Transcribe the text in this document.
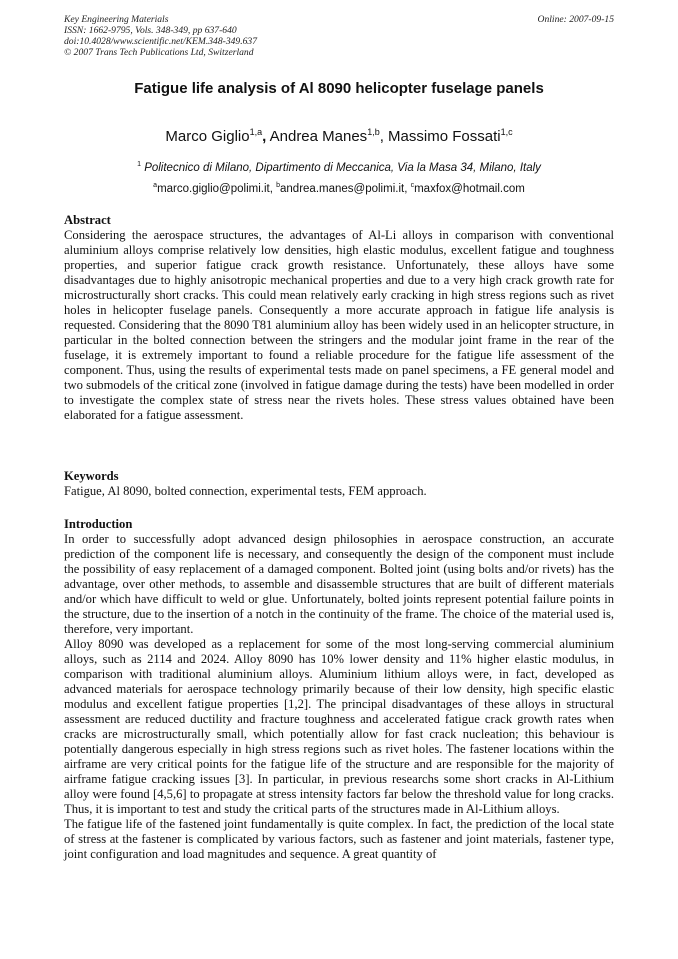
Key Engineering Materials
ISSN: 1662-9795, Vols. 348-349, pp 637-640
doi:10.4028/www.scientific.net/KEM.348-349.637
© 2007 Trans Tech Publications Ltd, Switzerland
Online: 2007-09-15
Fatigue life analysis of Al 8090 helicopter fuselage panels
Marco Giglio$^{1,a}$, Andrea Manes$^{1,b}$, Massimo Fossati$^{1,c}$
$^1$ Politecnico di Milano, Dipartimento di Meccanica, Via la Masa 34, Milano, Italy
$^a$marco.giglio@polimi.it, $^b$andrea.manes@polimi.it, $^c$maxfox@hotmail.com
Abstract

Considering the aerospace structures, the advantages of Al-Li alloys in comparison with conventional aluminium alloys comprise relatively low densities, high elastic modulus, excellent fatigue and toughness properties, and superior fatigue crack growth resistance. Unfortunately, these alloys have some disadvantages due to highly anisotropic mechanical properties and due to a very high crack growth rate for microstructurally short cracks. This could mean relatively early cracking in high stress regions such as rivet holes in helicopter fuselage panels. Consequently a more accurate approach in fatigue life analysis is requested. Considering that the 8090 T81 aluminium alloy has been widely used in an helicopter structure, in particular in the bolted connection between the stringers and the modular joint frame in the rear of the fuselage, it is extremely important to found a reliable procedure for the fatigue life assessment of the component. Thus, using the results of experimental tests made on panel specimens, a FE general model and two submodels of the critical zone (involved in fatigue damage during the tests) have been modelled in order to investigate the complex state of stress near the rivets holes. These stress values obtained have been elaborated for a fatigue assessment.

Keywords

Fatigue, Al 8090, bolted connection, experimental tests, FEM approach.

Introduction

In order to successfully adopt advanced design philosophies in aerospace construction, an accurate prediction of the component life is necessary, and consequently the design of the component must include the possibility of easy replacement of a damaged component. Bolted joint (using bolts and/or rivets) has the advantage, over other methods, to assemble and disassemble structures that are built of different materials and/or which have difficult to weld or glue. Unfortunately, bolted joints represent potential failure points in the structure, due to the insertion of a notch in the continuity of the frame. The choice of the material used is, therefore, very important.

Alloy 8090 was developed as a replacement for some of the most long-serving commercial aluminium alloys, such as 2114 and 2024. Alloy 8090 has 10% lower density and 11% higher elastic modulus, in comparison with traditional aluminium alloys. Aluminium lithium alloys were, in fact, developed as advanced materials for aerospace technology primarily because of their low density, high specific elastic modulus and excellent fatigue properties [1,2]. The principal disadvantages of these alloys in structural assessment are reduced ductility and fracture toughness and accelerated fatigue crack growth rates when cracks are microstructurally small, which potentially allow for fast crack nucleation; this behaviour is potentially dangerous especially in high stress regions such as rivet holes. The fastener locations within the airframe are very critical points for the fatigue life of the structure and are responsible for the majority of airframe fatigue cracking issues [3]. In particular, in previous researchs some short cracks in Al-Lithium alloy were found [4,5,6] to propagate at stress intensity factors far below the threshold value for long cracks. Thus, it is important to test and study the critical parts of the structures made in Al-Lithium alloys.

The fatigue life of the fastened joint fundamentally is quite complex. In fact, the prediction of the local state of stress at the fastener is complicated by various factors, such as fastener and joint materials, fastener type, joint configuration and load magnitudes and sequence. A great quantity of
